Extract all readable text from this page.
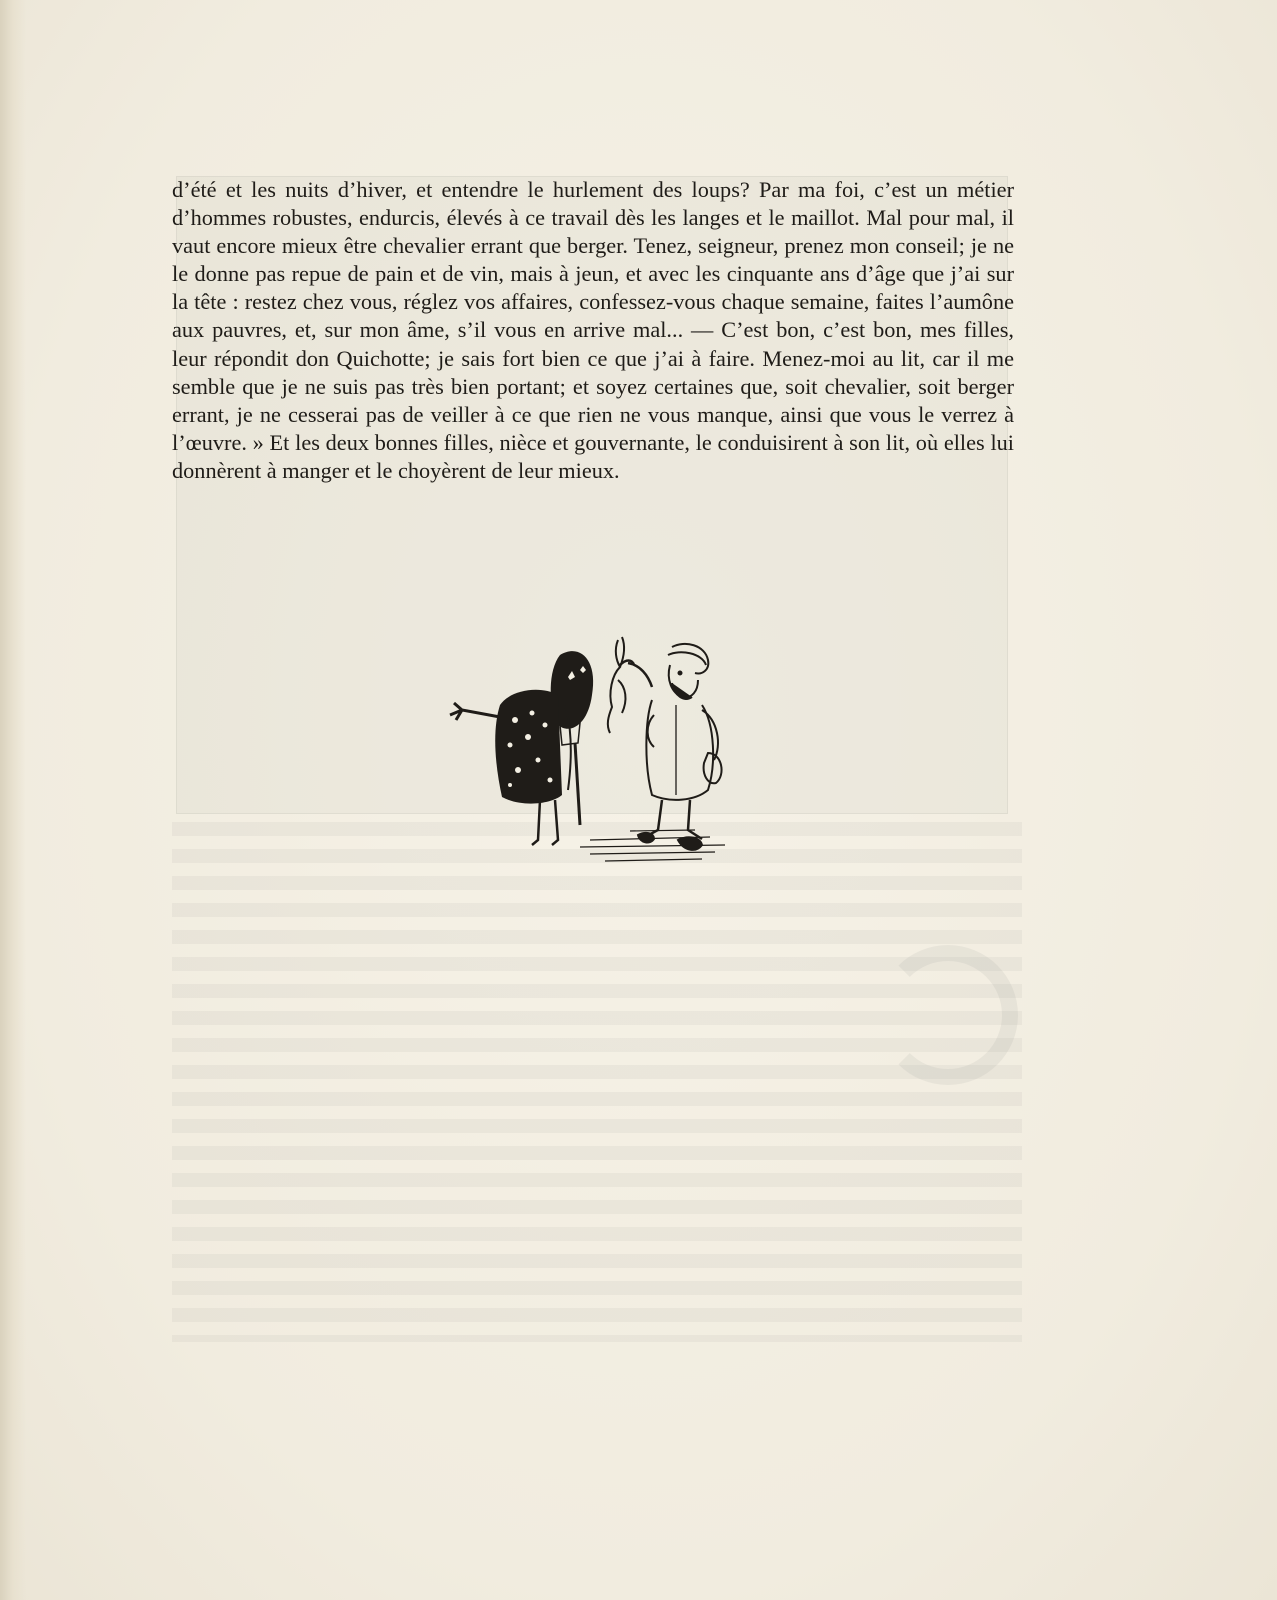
d’été et les nuits d’hiver, et entendre le hurlement des loups? Par ma foi, c’est un métier d’hommes robustes, endurcis, élevés à ce travail dès les langes et le maillot. Mal pour mal, il vaut encore mieux être chevalier errant que berger. Tenez, seigneur, prenez mon conseil; je ne le donne pas repue de pain et de vin, mais à jeun, et avec les cinquante ans d’âge que j’ai sur la tête : restez chez vous, réglez vos affaires, confessez-vous chaque semaine, faites l’aumône aux pauvres, et, sur mon âme, s’il vous en arrive mal... — C’est bon, c’est bon, mes filles, leur répondit don Quichotte; je sais fort bien ce que j’ai à faire. Menez-moi au lit, car il me semble que je ne suis pas très bien portant; et soyez certaines que, soit chevalier, soit berger errant, je ne cesserai pas de veiller à ce que rien ne vous manque, ainsi que vous le verrez à l’œuvre. » Et les deux bonnes filles, nièce et gouvernante, le conduisirent à son lit, où elles lui donnèrent à manger et le choyèrent de leur mieux.
